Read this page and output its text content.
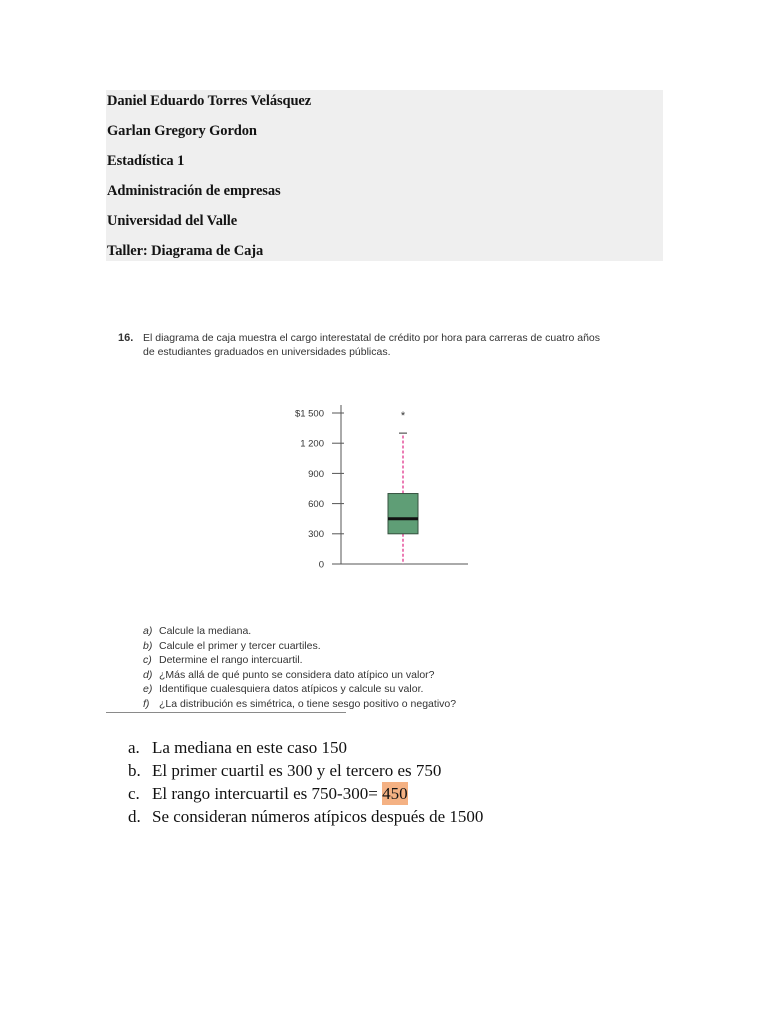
Daniel Eduardo Torres Velásquez
Garlan Gregory Gordon
Estadística 1
Administración de empresas
Universidad del Valle
Taller: Diagrama de Caja
16. El diagrama de caja muestra el cargo interestatal de crédito por hora para carreras de cuatro años
de estudiantes graduados en universidades públicas.
$1 500
1 200
900
600
300
0
*
a) Calcule la mediana.
b) Calcule el primer y tercer cuartiles.
c) Determine el rango intercuartil.
d) ¿Más allá de qué punto se considera dato atípico un valor?
e) Identifique cualesquiera datos atípicos y calcule su valor.
f) ¿La distribución es simétrica, o tiene sesgo positivo o negativo?
a. La mediana en este caso 150
b. El primer cuartil es 300 y el tercero es 750
c. El rango intercuartil es 750-300= 450
d. Se consideran números atípicos después de 1500
